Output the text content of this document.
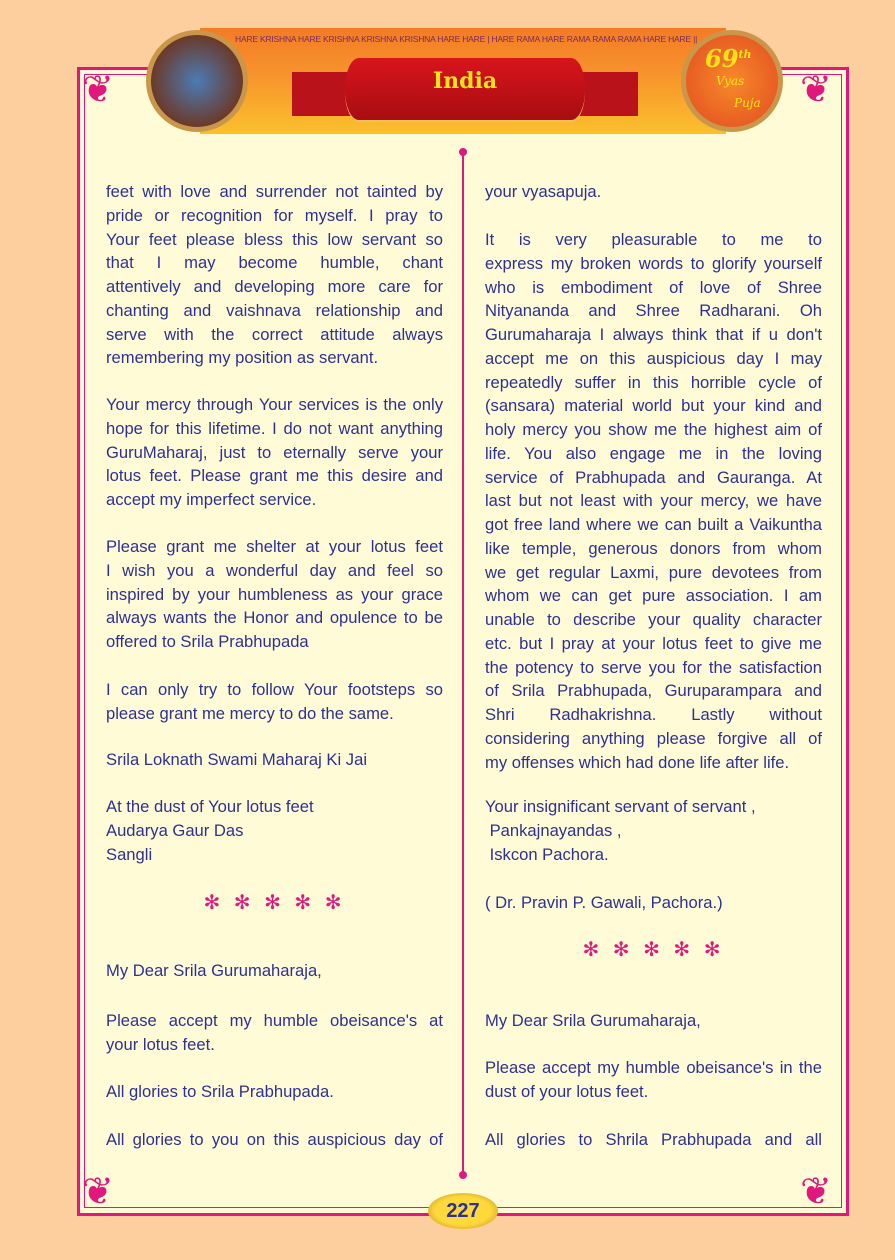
❦	❦
❦	❦
HARE KRISHNA HARE KRISHNA KRISHNA KRISHNA HARE HARE | HARE RAMA HARE RAMA RAMA RAMA HARE HARE ||
India
69th
Vyas
Puja
feet with love and surrender not tainted by
pride or recognition for myself. I pray to
Your feet please bless this low servant so
that I may become humble, chant
attentively and developing more care for
chanting and vaishnava relationship and
serve with the correct attitude always
remembering my position as servant.
Your mercy through Your services is the only
hope for this lifetime. I do not want anything
GuruMaharaj, just to eternally serve your
lotus feet. Please grant me this desire and
accept my imperfect service.
Please grant me shelter at your lotus feet
I wish you a wonderful day and feel so
inspired by your humbleness as your grace
always wants the Honor and opulence to be
offered to Srila Prabhupada
I can only try to follow Your footsteps so
please grant me mercy to do the same.
Srila Loknath Swami Maharaj Ki Jai
At the dust of Your lotus feet
Audarya Gaur Das
Sangli
✻ ✻ ✻ ✻ ✻
My Dear Srila Gurumaharaja,
Please accept my humble obeisance's at
your lotus feet.
All glories to Srila Prabhupada.
All glories to you on this auspicious day of
your vyasapuja.
It is very pleasurable to me to
express my broken words to glorify yourself
who is embodiment of love of Shree
Nityananda and Shree Radharani. Oh
Gurumaharaja I always think that if u don't
accept me on this auspicious day I may
repeatedly suffer in this horrible cycle of
(sansara) material world but your kind and
holy mercy you show me the highest aim of
life. You also engage me in the loving
service of Prabhupada and Gauranga. At
last but not least with your mercy, we have
got free land where we can built a Vaikuntha
like temple, generous donors from whom
we get regular Laxmi, pure devotees from
whom we can get pure association. I am
unable to describe your quality character
etc. but I pray at your lotus feet to give me
the potency to serve you for the satisfaction
of Srila Prabhupada, Guruparampara and
Shri Radhakrishna. Lastly without
considering anything please forgive all of
my offenses which had done life after life.
Your insignificant servant of servant ,
Pankajnayandas ,
Iskcon Pachora.
( Dr. Pravin P. Gawali, Pachora.)
✻ ✻ ✻ ✻ ✻
My Dear Srila Gurumaharaja,
Please accept my humble obeisance's in the
dust of your lotus feet.
All glories to Shrila Prabhupada and all
227
